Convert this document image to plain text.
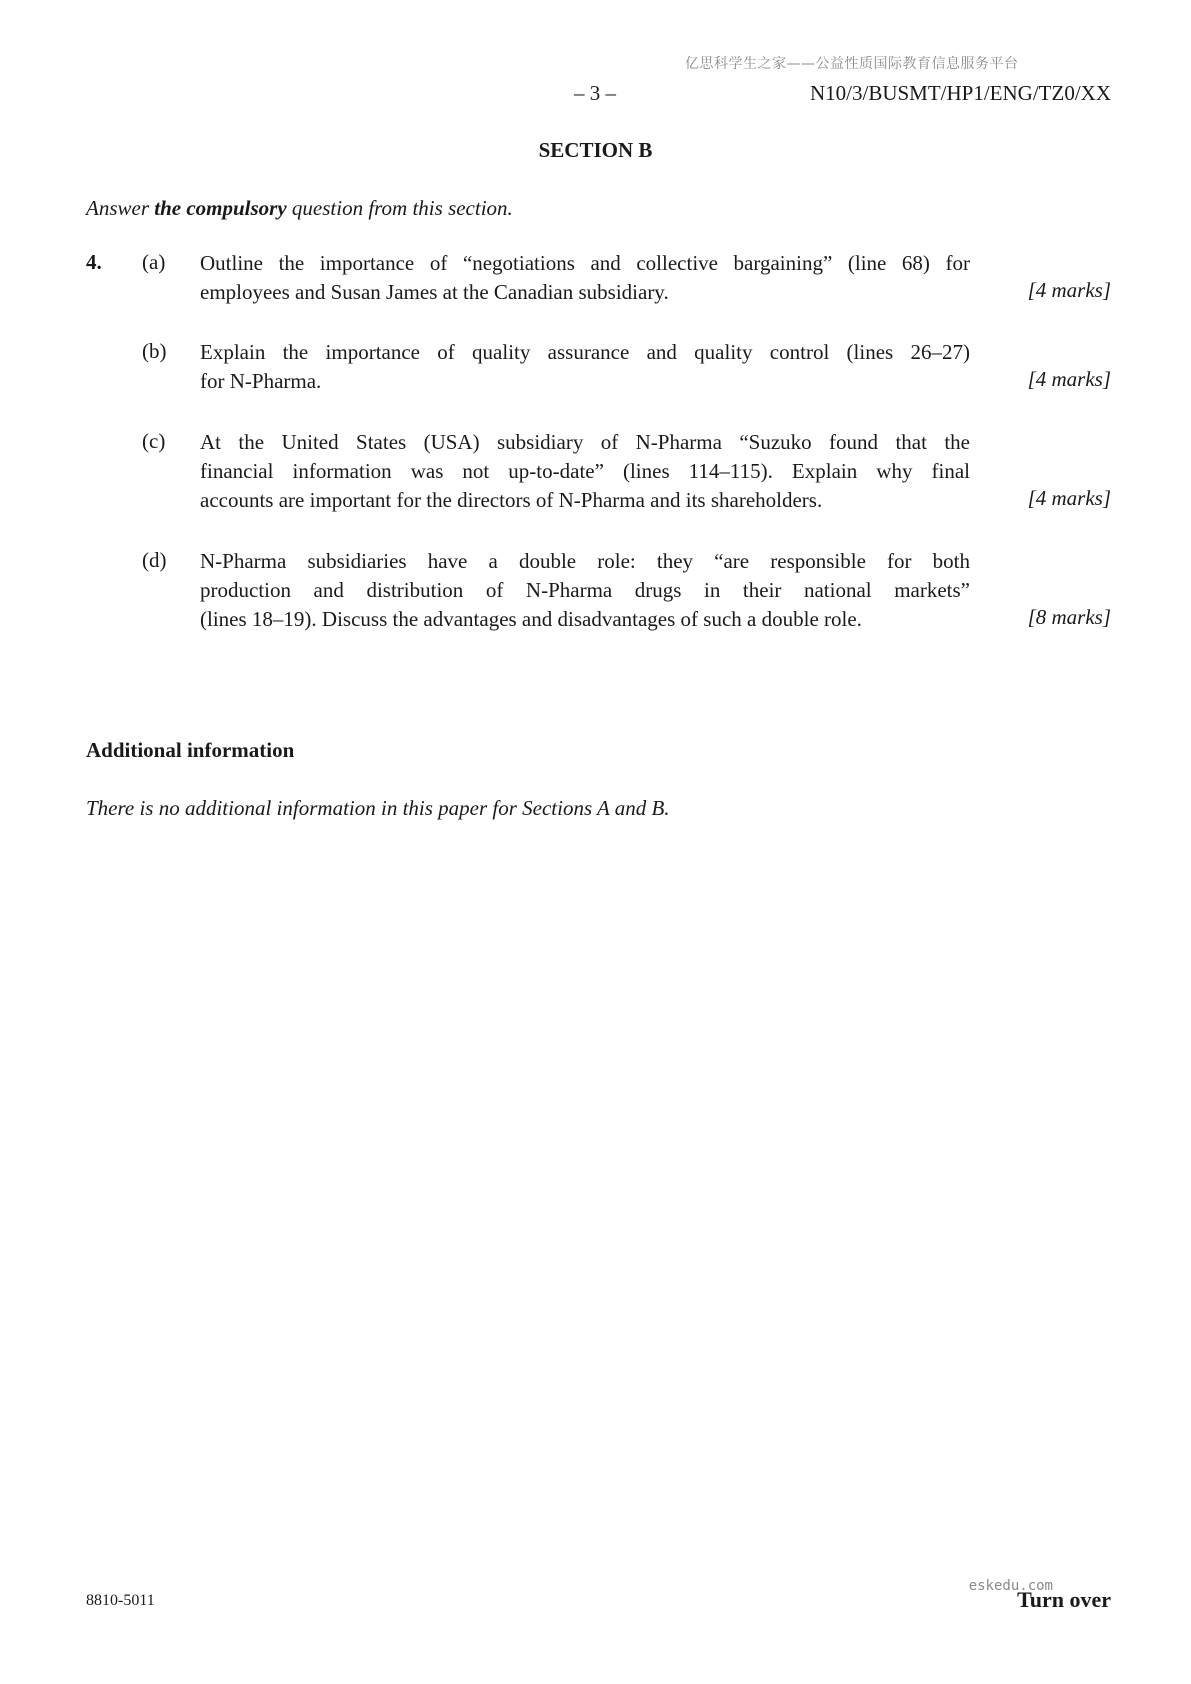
亿思科学生之家——公益性质国际教育信息服务平台
– 3 –	N10/3/BUSMT/HP1/ENG/TZ0/XX
SECTION B
Answer the compulsory question from this section.
4. (a) Outline the importance of “negotiations and collective bargaining” (line 68) for
employees and Susan James at the Canadian subsidiary.	[4 marks]
(b) Explain the importance of quality assurance and quality control (lines 26–27)
for N-Pharma.	[4 marks]
(c) At the United States (USA) subsidiary of N-Pharma “Suzuko found that the
financial information was not up-to-date” (lines 114–115). Explain why final
accounts are important for the directors of N-Pharma and its shareholders.	[4 marks]
(d) N-Pharma subsidiaries have a double role: they “are responsible for both
production and distribution of N-Pharma drugs in their national markets”
(lines 18–19). Discuss the advantages and disadvantages of such a double role.	[8 marks]
Additional information
There is no additional information in this paper for Sections A and B.
8810-5011
eskedu.com
Turn over
